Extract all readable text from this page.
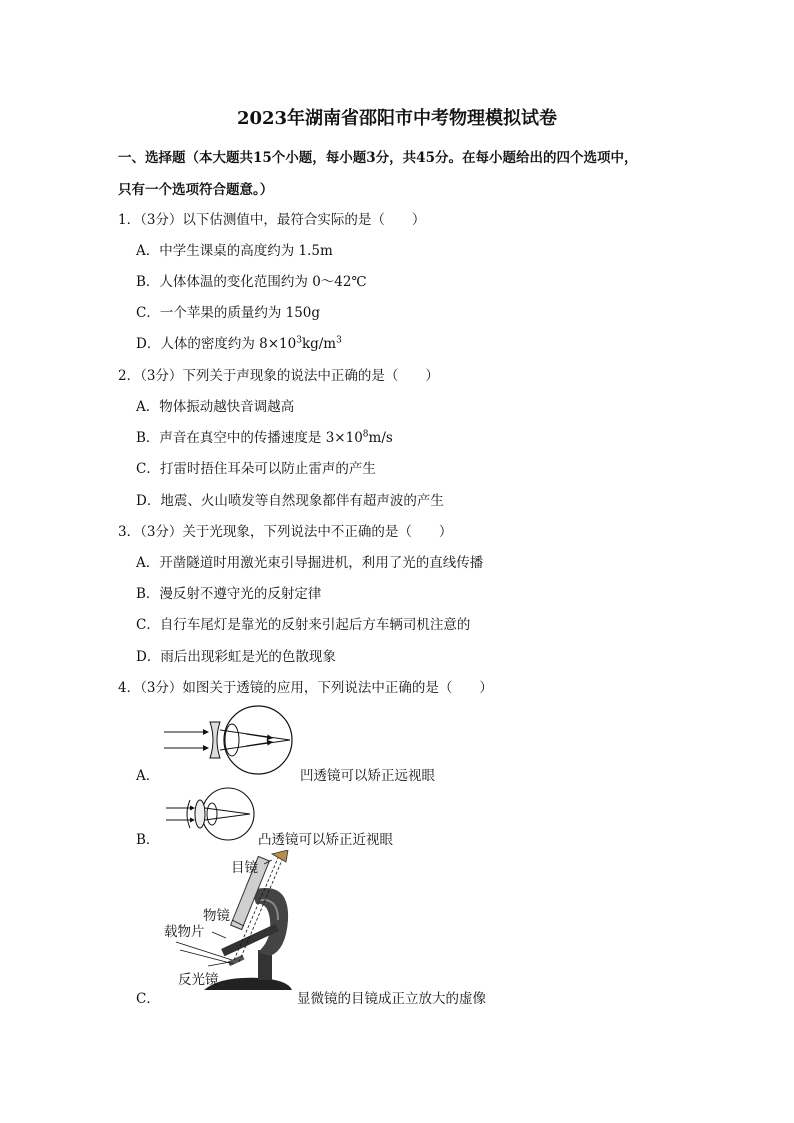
2023年湖南省邵阳市中考物理模拟试卷
一、选择题（本大题共15个小题，每小题3分，共45分。在每小题给出的四个选项中，
只有一个选项符合题意。）
1．（3分）以下估测值中，最符合实际的是（　　）
A．中学生课桌的高度约为 1.5m
B．人体体温的变化范围约为 0～42℃
C．一个苹果的质量约为 150g
D．人体的密度约为 $8\times 10^3kg/m^3$
2．（3分）下列关于声现象的说法中正确的是（　　）
A．物体振动越快音调越高
B．声音在真空中的传播速度是 $3\times 10^8m/s$
C．打雷时捂住耳朵可以防止雷声的产生
D．地震、火山喷发等自然现象都伴有超声波的产生
3．（3分）关于光现象，下列说法中不正确的是（　　）
A．开凿隧道时用激光束引导掘进机，利用了光的直线传播
B．漫反射不遵守光的反射定律
C．自行车尾灯是靠光的反射来引起后方车辆司机注意的
D．雨后出现彩虹是光的色散现象
4．（3分）如图关于透镜的应用，下列说法中正确的是（　　）
A．	凹透镜可以矫正远视眼
B．	凸透镜可以矫正近视眼
C．
目镜
物镜
载物片
反光镜
显微镜的目镜成正立放大的虚像
